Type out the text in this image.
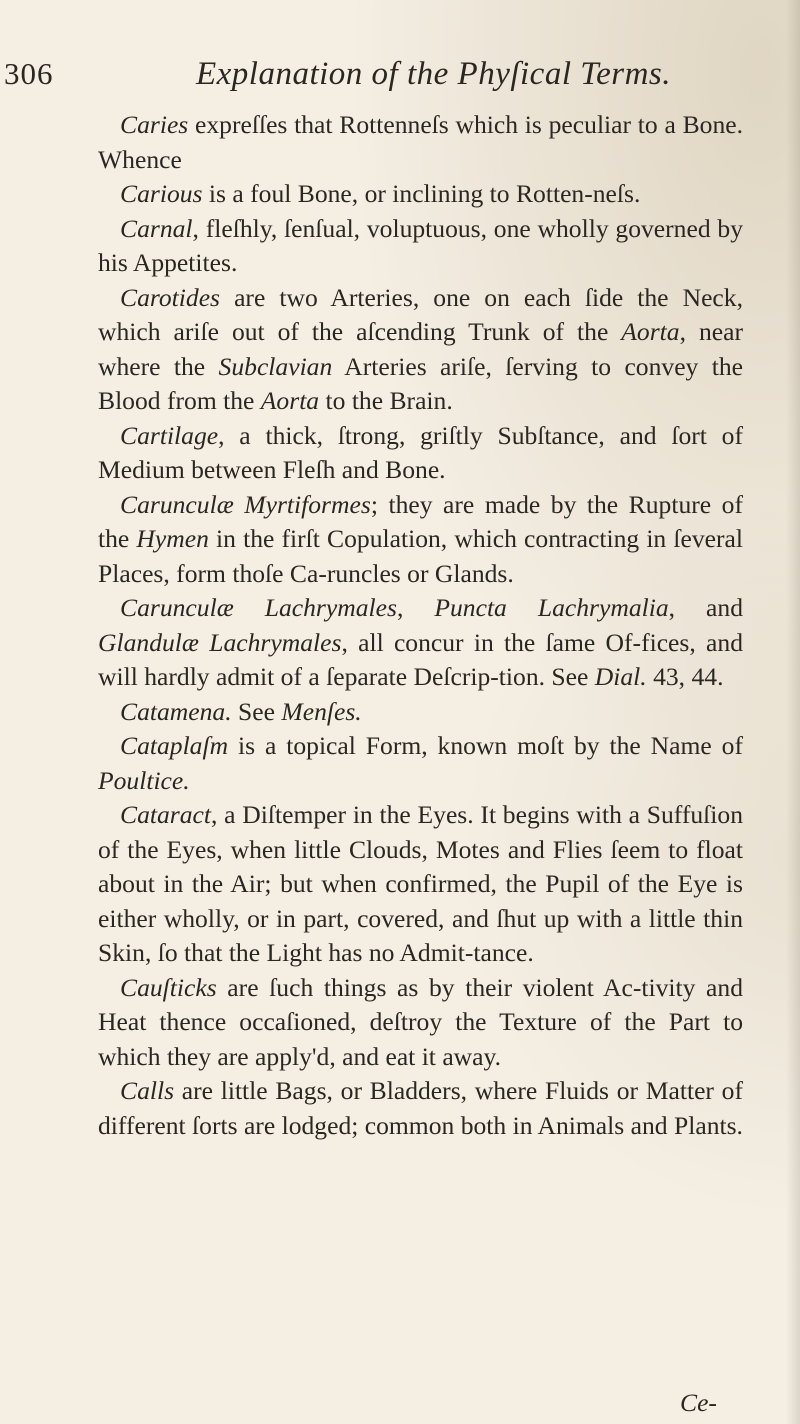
306	Explanation of the Phyſical Terms.

Caries expreſſes that Rottenneſs which is peculiar to a Bone. Whence

Carious is a foul Bone, or inclining to Rotten-neſs.

Carnal, fleſhly, ſenſual, voluptuous, one wholly governed by his Appetites.

Carotides are two Arteries, one on each ſide the Neck, which ariſe out of the aſcending Trunk of the Aorta, near where the Subclavian Arteries ariſe, ſerving to convey the Blood from the Aorta to the Brain.

Cartilage, a thick, ſtrong, griſtly Subſtance, and ſort of Medium between Fleſh and Bone.

Carunculæ Myrtiformes; they are made by the Rupture of the Hymen in the firſt Copulation, which contracting in ſeveral Places, form thoſe Ca-runcles or Glands.

Carunculæ Lachrymales, Puncta Lachrymalia, and Glandulæ Lachrymales, all concur in the ſame Of-fices, and will hardly admit of a ſeparate Deſcrip-tion. See Dial. 43, 44.

Catamena. See Menſes.

Cataplaſm is a topical Form, known moſt by the Name of Poultice.

Cataract, a Diſtemper in the Eyes. It begins with a Suffuſion of the Eyes, when little Clouds, Motes and Flies ſeem to float about in the Air; but when confirmed, the Pupil of the Eye is either wholly, or in part, covered, and ſhut up with a little thin Skin, ſo that the Light has no Admit-tance.

Cauſticks are ſuch things as by their violent Ac-tivity and Heat thence occaſioned, deſtroy the Texture of the Part to which they are apply'd, and eat it away.

Calls are little Bags, or Bladders, where Fluids or Matter of different ſorts are lodged; common both in Animals and Plants.

Ce-
